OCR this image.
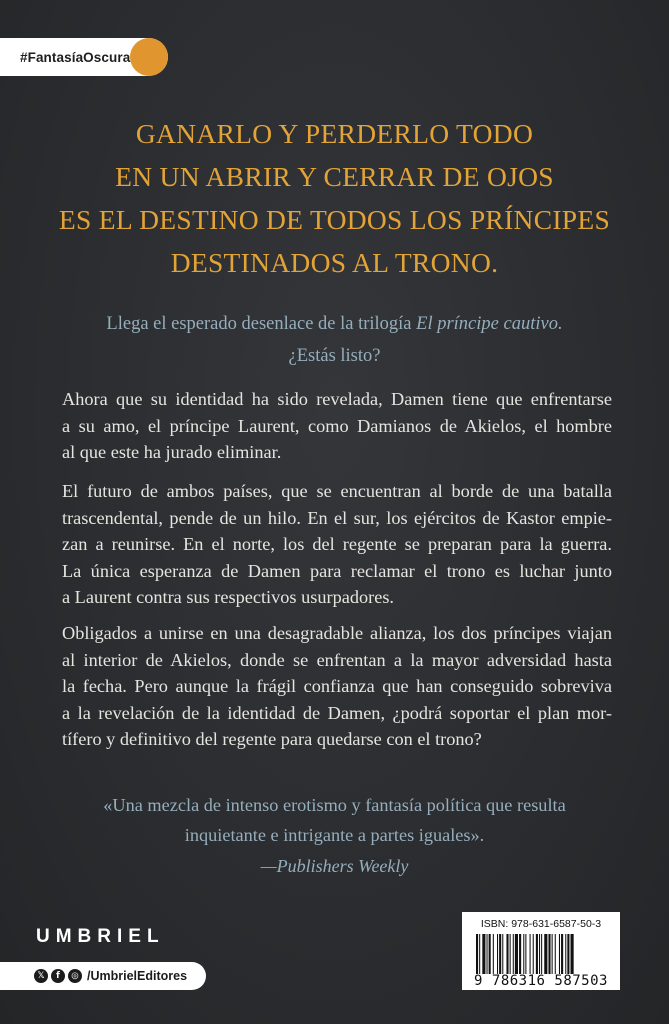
#FantasíaOscura
GANARLO Y PERDERLO TODO
EN UN ABRIR Y CERRAR DE OJOS
ES EL DESTINO DE TODOS LOS PRÍNCIPES
DESTINADOS AL TRONO.
Llega el esperado desenlace de la trilogía El príncipe cautivo.
¿Estás listo?
Ahora que su identidad ha sido revelada, Damen tiene que enfrentarse
a su amo, el príncipe Laurent, como Damianos de Akielos, el hombre
al que este ha jurado eliminar.
El futuro de ambos países, que se encuentran al borde de una batalla
trascendental, pende de un hilo. En el sur, los ejércitos de Kastor empie-
zan a reunirse. En el norte, los del regente se preparan para la guerra.
La única esperanza de Damen para reclamar el trono es luchar junto
a Laurent contra sus respectivos usurpadores.
Obligados a unirse en una desagradable alianza, los dos príncipes viajan
al interior de Akielos, donde se enfrentan a la mayor adversidad hasta
la fecha. Pero aunque la frágil confianza que han conseguido sobreviva
a la revelación de la identidad de Damen, ¿podrá soportar el plan mor-
tífero y definitivo del regente para quedarse con el trono?
«Una mezcla de intenso erotismo y fantasía política que resulta
inquietante e intrigante a partes iguales».
—Publishers Weekly
UMBRIEL
𝕏	f	◎ /UmbrielEditores
ISBN: 978-631-6587-50-3
9 786316 587503
